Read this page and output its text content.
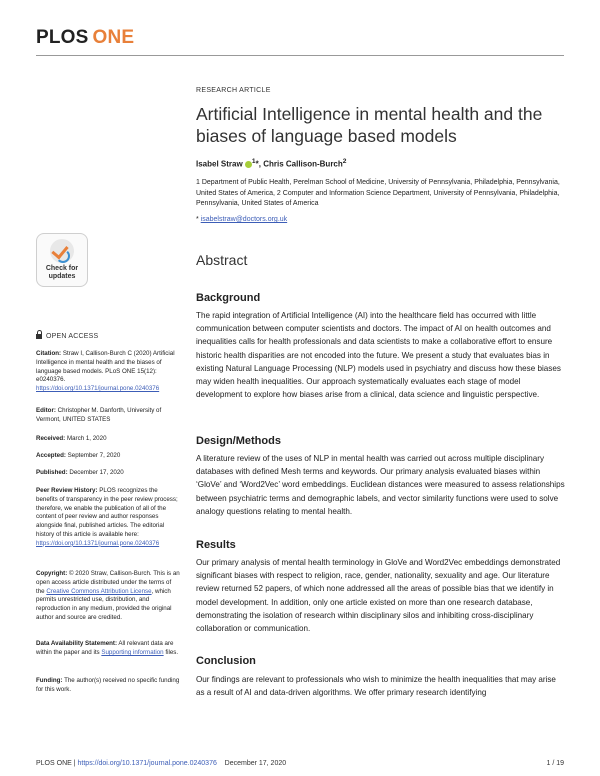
PLOS ONE
RESEARCH ARTICLE
Artificial Intelligence in mental health and the biases of language based models
Isabel Straw $^1$*, Chris Callison-Burch$^2$
1 Department of Public Health, Perelman School of Medicine, University of Pennsylvania, Philadelphia, Pennsylvania, United States of America, 2 Computer and Information Science Department, University of Pennsylvania, Philadelphia, Pennsylvania, United States of America
* isabelstraw@doctors.org.uk
Check for
updates
Abstract
OPEN ACCESS
Citation: Straw I, Callison-Burch C (2020) Artificial Intelligence in mental health and the biases of language based models. PLoS ONE 15(12): e0240376. https://doi.org/10.1371/journal.pone.0240376
Editor: Christopher M. Danforth, University of Vermont, UNITED STATES
Received: March 1, 2020
Accepted: September 7, 2020
Published: December 17, 2020
Peer Review History: PLOS recognizes the benefits of transparency in the peer review process; therefore, we enable the publication of all of the content of peer review and author responses alongside final, published articles. The editorial history of this article is available here: https://doi.org/10.1371/journal.pone.0240376
Copyright: © 2020 Straw, Callison-Burch. This is an open access article distributed under the terms of the Creative Commons Attribution License, which permits unrestricted use, distribution, and reproduction in any medium, provided the original author and source are credited.
Data Availability Statement: All relevant data are within the paper and its Supporting information files.
Funding: The author(s) received no specific funding for this work.
Background
The rapid integration of Artificial Intelligence (AI) into the healthcare field has occurred with little communication between computer scientists and doctors. The impact of AI on health outcomes and inequalities calls for health professionals and data scientists to make a collaborative effort to ensure historic health disparities are not encoded into the future. We present a study that evaluates bias in existing Natural Language Processing (NLP) models used in psychiatry and discuss how these biases may widen health inequalities. Our approach systematically evaluates each stage of model development to explore how biases arise from a clinical, data science and linguistic perspective.
Design/Methods
A literature review of the uses of NLP in mental health was carried out across multiple disciplinary databases with defined Mesh terms and keywords. Our primary analysis evaluated biases within ‘GloVe’ and ‘Word2Vec’ word embeddings. Euclidean distances were measured to assess relationships between psychiatric terms and demographic labels, and vector similarity functions were used to solve analogy questions relating to mental health.
Results
Our primary analysis of mental health terminology in GloVe and Word2Vec embeddings demonstrated significant biases with respect to religion, race, gender, nationality, sexuality and age. Our literature review returned 52 papers, of which none addressed all the areas of possible bias that we identify in model development. In addition, only one article existed on more than one research database, demonstrating the isolation of research within disciplinary silos and inhibiting cross-disciplinary collaboration or communication.
Conclusion
Our findings are relevant to professionals who wish to minimize the health inequalities that may arise as a result of AI and data-driven algorithms. We offer primary research identifying
PLOS ONE | https://doi.org/10.1371/journal.pone.0240376 December 17, 2020	1 / 19
